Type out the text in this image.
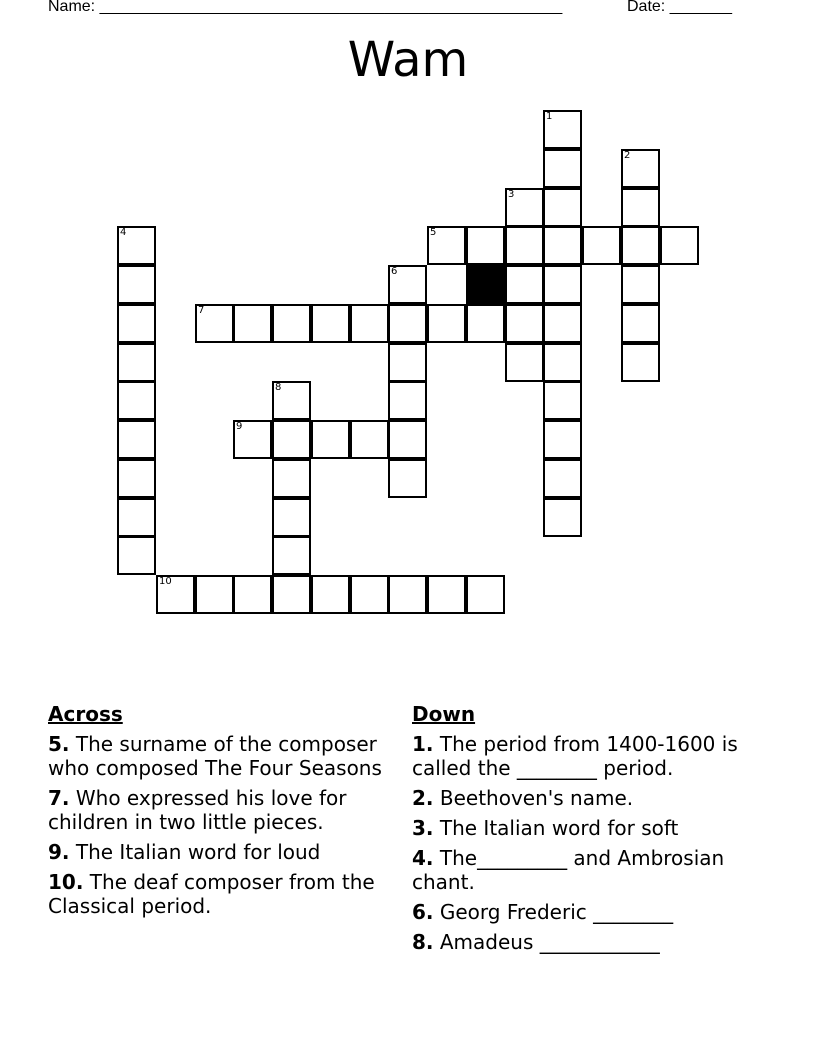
Name: ____________________________________________________	Date: _______
Wam
1
2
3
4	5
6
7
8
9
10
Across
5. The surname of the composer who composed The Four Seasons
7. Who expressed his love for children in two little pieces.
9. The Italian word for loud
10. The deaf composer from the Classical period.
Down
1. The period from 1400-1600 is called the ________ period.
2. Beethoven's name.
3. The Italian word for soft
4. The_________ and Ambrosian chant.
6. Georg Frederic ________
8. Amadeus ____________
